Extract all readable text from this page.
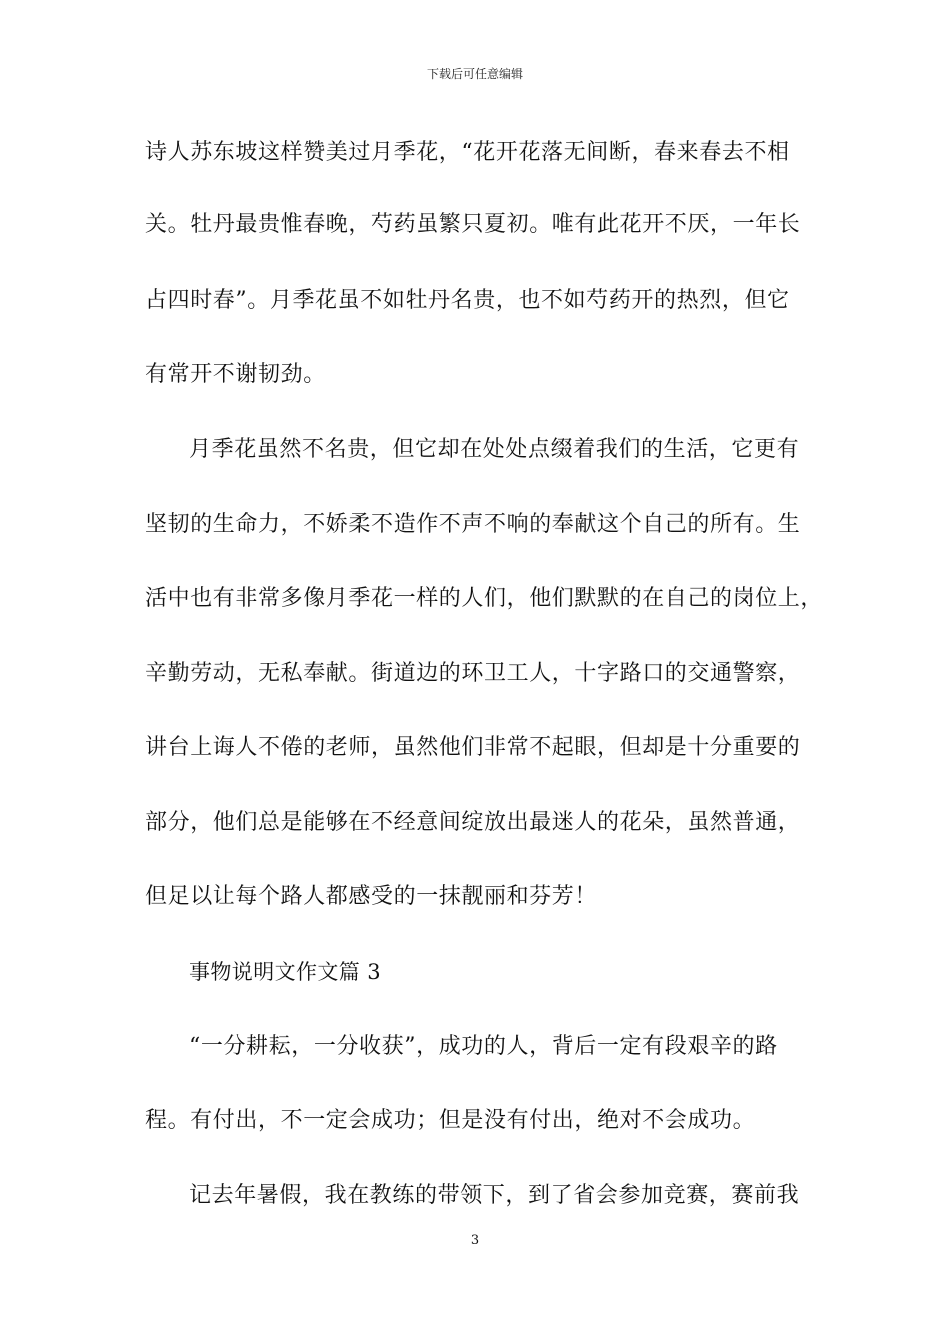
下载后可任意编辑
诗人苏东坡这样赞美过月季花，“花开花落无间断，春来春去不相
关。牡丹最贵惟春晚，芍药虽繁只夏初。唯有此花开不厌，一年长
占四时春”。月季花虽不如牡丹名贵，也不如芍药开的热烈，但它
有常开不谢韧劲。
月季花虽然不名贵，但它却在处处点缀着我们的生活，它更有
坚韧的生命力，不娇柔不造作不声不响的奉献这个自己的所有。生
活中也有非常多像月季花一样的人们，他们默默的在自己的岗位上，
辛勤劳动，无私奉献。街道边的环卫工人，十字路口的交通警察，
讲台上诲人不倦的老师，虽然他们非常不起眼，但却是十分重要的
部分，他们总是能够在不经意间绽放出最迷人的花朵，虽然普通，
但足以让每个路人都感受的一抹靓丽和芬芳！
事物说明文作文篇 3
“一分耕耘，一分收获”，成功的人，背后一定有段艰辛的路
程。有付出，不一定会成功；但是没有付出，绝对不会成功。
记去年暑假，我在教练的带领下，到了省会参加竞赛，赛前我
3
